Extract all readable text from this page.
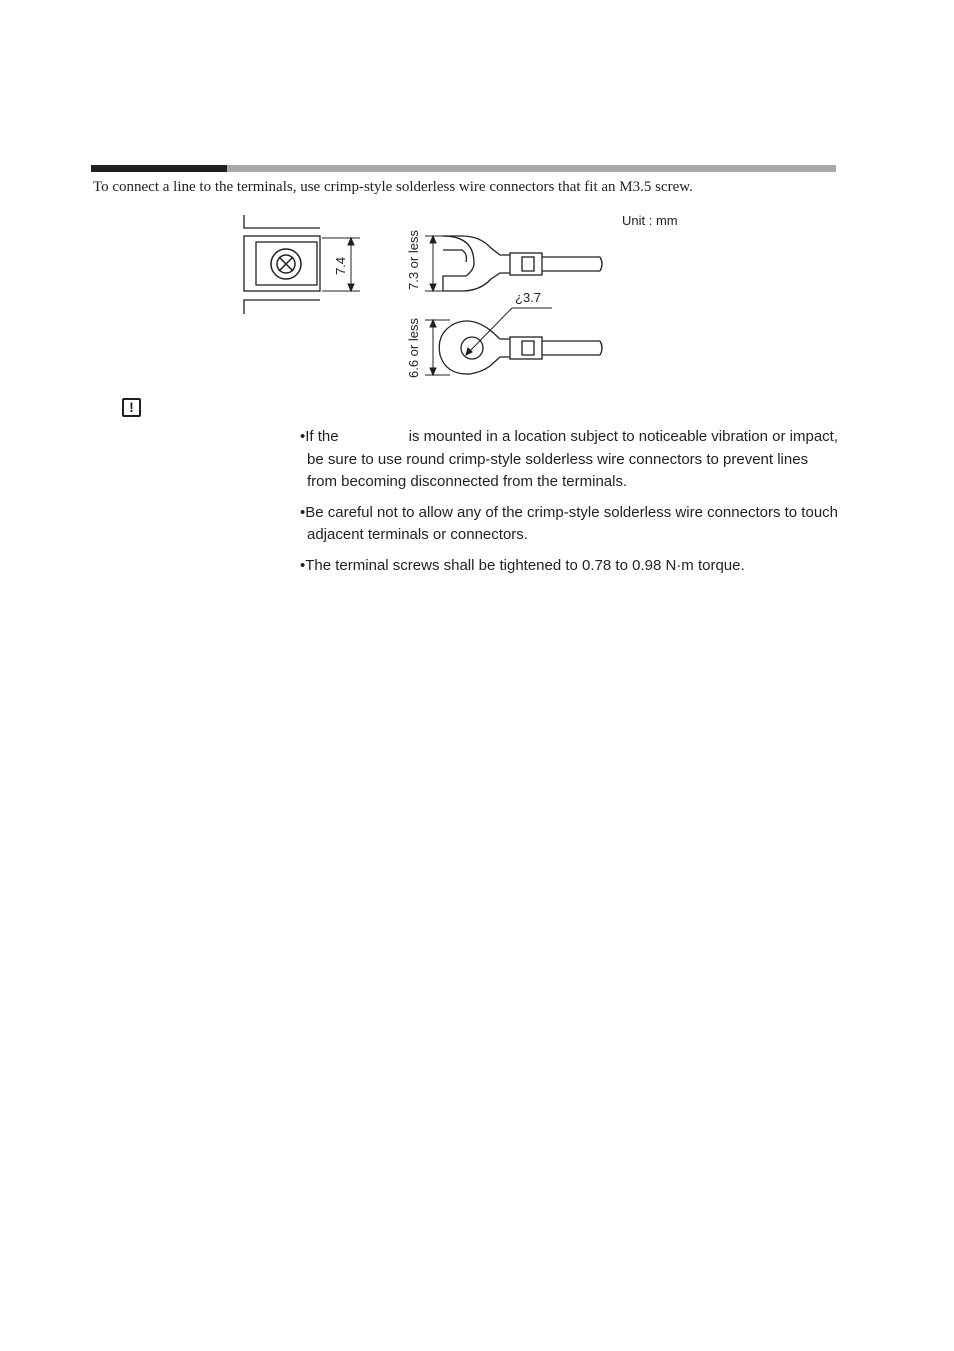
To connect a line to the terminals, use crimp-style solderless wire connectors that fit an M3.5 screw.
7.4	7.3 or less
¿3.7
6.6 or less
Unit : mm
!

•If the	is mounted in a location subject to noticeable vibration or impact, be sure to use round crimp-style solderless wire connectors to prevent lines from becoming disconnected from the terminals.

•Be careful not to allow any of the crimp-style solderless wire connectors to touch adjacent terminals or connectors.

•The terminal screws shall be tightened to 0.78 to 0.98 N·m torque.
